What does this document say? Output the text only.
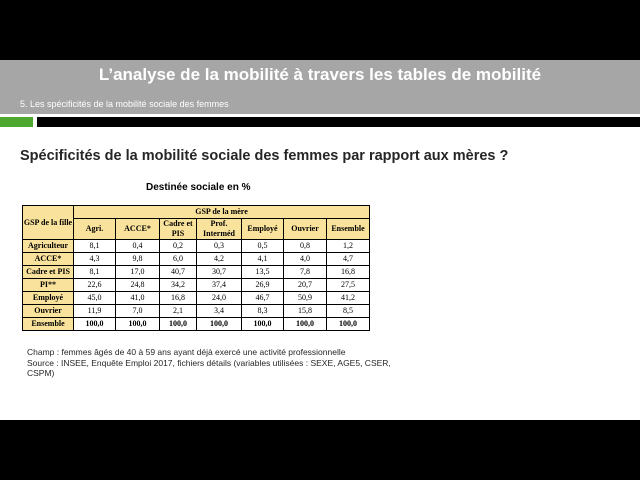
L’analyse de la mobilité à travers les tables de mobilité
5. Les spécificités de la mobilité sociale des femmes
Spécificités de la mobilité sociale des femmes par rapport aux mères ?
Destinée sociale en %
GSP de la fille	GSP de la mère						
	Agri.	ACCE*	Cadre et PIS	Prof. Interméd	Employé	Ouvrier	Ensemble
Agriculteur	8,1	0,4	0,2	0,3	0,5	0,8	1,2
ACCE*	4,3	9,8	6,0	4,2	4,1	4,0	4,7
Cadre et PIS	8,1	17,0	40,7	30,7	13,5	7,8	16,8
PI**	22,6	24,8	34,2	37,4	26,9	20,7	27,5
Employé	45,0	41,0	16,8	24,0	46,7	50,9	41,2
Ouvrier	11,9	7,0	2,1	3,4	8,3	15,8	8,5
Ensemble	100,0	100,0	100,0	100,0	100,0	100,0	100,0
Champ : femmes âgés de 40 à 59 ans ayant déjà exercé une activité professionnelle
Source : INSEE, Enquête Emploi 2017, fichiers détails (variables utilisées : SEXE, AGE5, CSER, CSPM)
